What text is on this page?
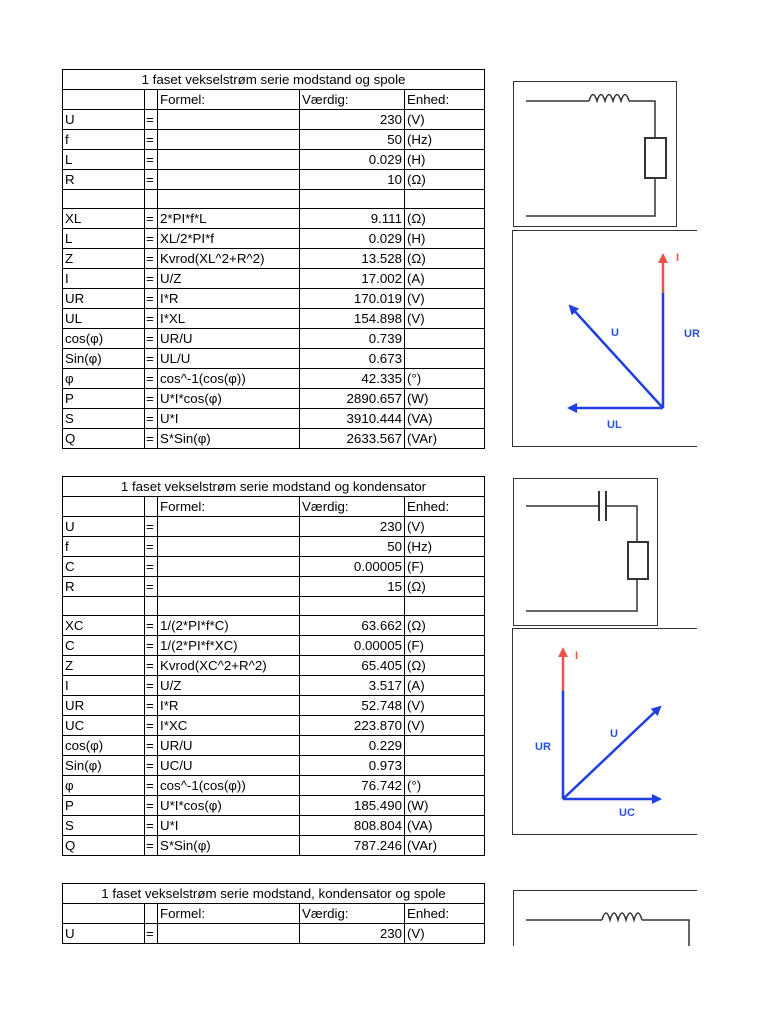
1 faset vekselstrøm serie modstand og spole				
		Formel:	Værdig:	Enhed:
U	=		230	(V)
f	=		50	(Hz)
L	=		0.029	(H)
R	=		10	(Ω)

XL	=	2*PI*f*L	9.111	(Ω)
L	=	XL/2*PI*f	0.029	(H)
Z	=	Kvrod(XL^2+R^2)	13.528	(Ω)
I	=	U/Z	17.002	(A)
UR	=	I*R	170.019	(V)
UL	=	I*XL	154.898	(V)
cos(φ)	=	UR/U	0.739	
Sin(φ)	=	UL/U	0.673	
φ	=	cos^-1(cos(φ))	42.335	(°)
P	=	U*I*cos(φ)	2890.657	(W)
S	=	U*I	3910.444	(VA)
Q	=	S*Sin(φ)	2633.567	(VAr)
1 faset vekselstrøm serie modstand og kondensator				
		Formel:	Værdig:	Enhed:
U	=		230	(V)
f	=		50	(Hz)
C	=		0.00005	(F)
R	=		15	(Ω)

XC	=	1/(2*PI*f*C)	63.662	(Ω)
C	=	1/(2*PI*f*XC)	0.00005	(F)
Z	=	Kvrod(XC^2+R^2)	65.405	(Ω)
I	=	U/Z	3.517	(A)
UR	=	I*R	52.748	(V)
UC	=	I*XC	223.870	(V)
cos(φ)	=	UR/U	0.229	
Sin(φ)	=	UC/U	0.973	
φ	=	cos^-1(cos(φ))	76.742	(°)
P	=	U*I*cos(φ)	185.490	(W)
S	=	U*I	808.804	(VA)
Q	=	S*Sin(φ)	787.246	(VAr)
1 faset vekselstrøm serie modstand, kondensator og spole				
		Formel:	Værdig:	Enhed:
U	=		230	(V)
I
U	UR
UL
I
U
UR
UC
